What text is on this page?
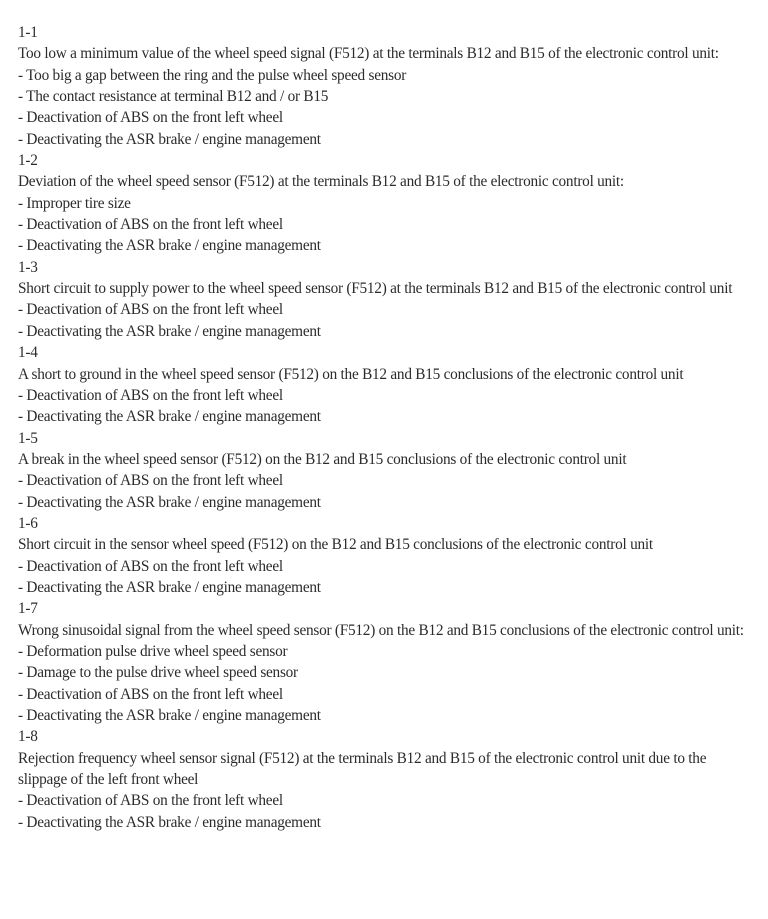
1-1
Too low a minimum value of the wheel speed signal (F512) at the terminals B12 and B15 of the electronic control unit:
- Too big a gap between the ring and the pulse wheel speed sensor
- The contact resistance at terminal B12 and / or B15
- Deactivation of ABS on the front left wheel
- Deactivating the ASR brake / engine management
1-2
Deviation of the wheel speed sensor (F512) at the terminals B12 and B15 of the electronic control unit:
- Improper tire size
- Deactivation of ABS on the front left wheel
- Deactivating the ASR brake / engine management
1-3
Short circuit to supply power to the wheel speed sensor (F512) at the terminals B12 and B15 of the electronic control unit
- Deactivation of ABS on the front left wheel
- Deactivating the ASR brake / engine management
1-4
A short to ground in the wheel speed sensor (F512) on the B12 and B15 conclusions of the electronic control unit
- Deactivation of ABS on the front left wheel
- Deactivating the ASR brake / engine management
1-5
A break in the wheel speed sensor (F512) on the B12 and B15 conclusions of the electronic control unit
- Deactivation of ABS on the front left wheel
- Deactivating the ASR brake / engine management
1-6
Short circuit in the sensor wheel speed (F512) on the B12 and B15 conclusions of the electronic control unit
- Deactivation of ABS on the front left wheel
- Deactivating the ASR brake / engine management
1-7
Wrong sinusoidal signal from the wheel speed sensor (F512) on the B12 and B15 conclusions of the electronic control unit:
- Deformation pulse drive wheel speed sensor
- Damage to the pulse drive wheel speed sensor
- Deactivation of ABS on the front left wheel
- Deactivating the ASR brake / engine management
1-8
Rejection frequency wheel sensor signal (F512) at the terminals B12 and B15 of the electronic control unit due to the slippage of the left front wheel
- Deactivation of ABS on the front left wheel
- Deactivating the ASR brake / engine management
